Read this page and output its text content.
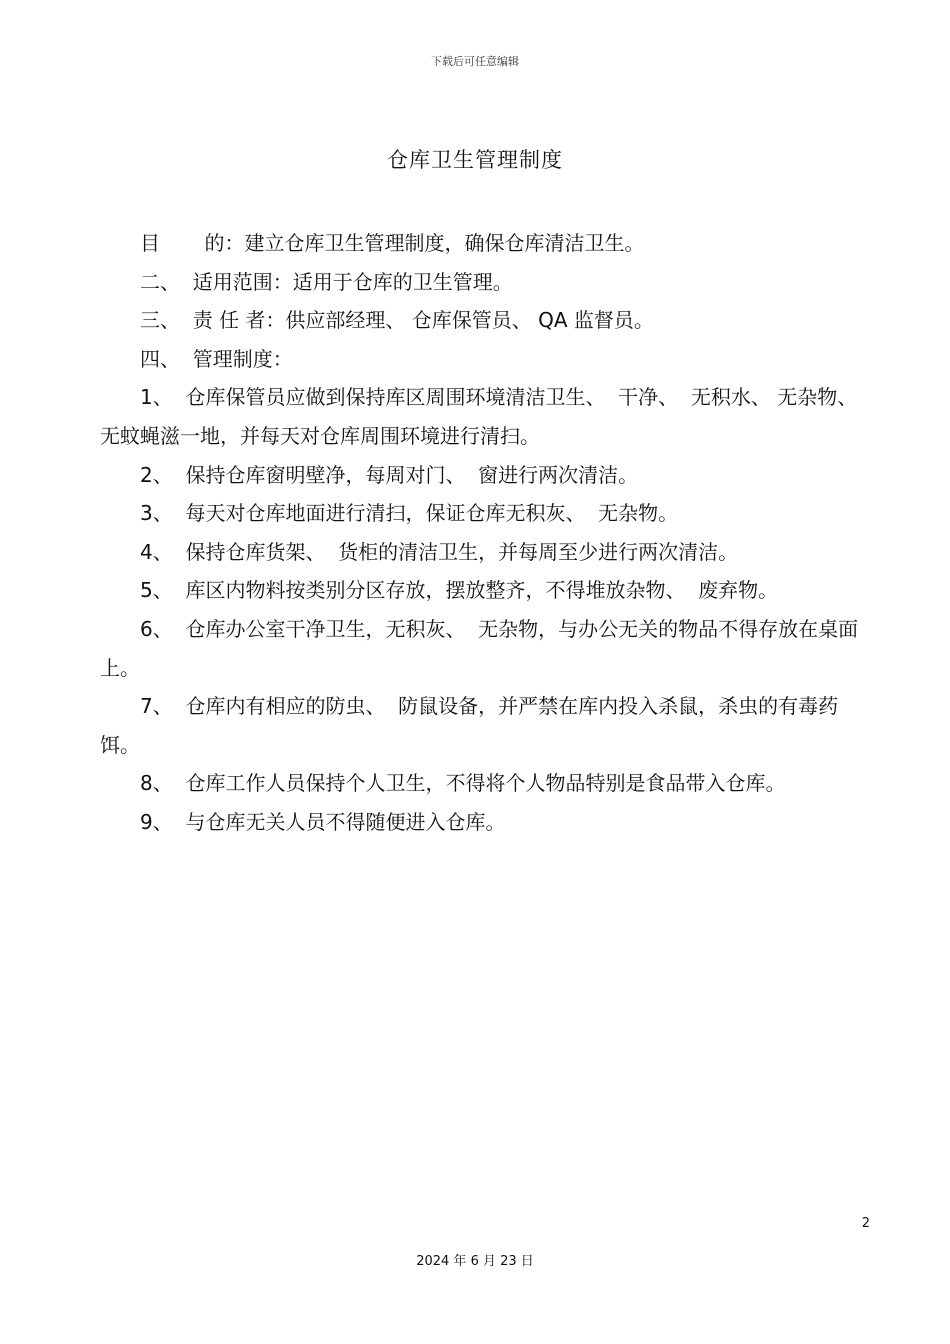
下载后可任意编辑
仓库卫生管理制度

目       的：建立仓库卫生管理制度，确保仓库清洁卫生。

二、  适用范围：适用于仓库的卫生管理。

三、  责 任 者：供应部经理、 仓库保管员、 QA 监督员。

四、  管理制度：

1、  仓库保管员应做到保持库区周围环境清洁卫生、  干净、  无积水、 无杂物、  无蚊蝇滋一地，并每天对仓库周围环境进行清扫。

2、  保持仓库窗明壁净，每周对门、  窗进行两次清洁。

3、  每天对仓库地面进行清扫，保证仓库无积灰、  无杂物。

4、  保持仓库货架、  货柜的清洁卫生，并每周至少进行两次清洁。

5、  库区内物料按类别分区存放，摆放整齐，不得堆放杂物、  废弃物。

6、  仓库办公室干净卫生，无积灰、  无杂物，与办公无关的物品不得存放在桌面上。

7、  仓库内有相应的防虫、  防鼠设备，并严禁在库内投入杀鼠，杀虫的有毒药饵。

8、  仓库工作人员保持个人卫生，不得将个人物品特别是食品带入仓库。

9、  与仓库无关人员不得随便进入仓库。

2
2024 年 6 月 23 日
